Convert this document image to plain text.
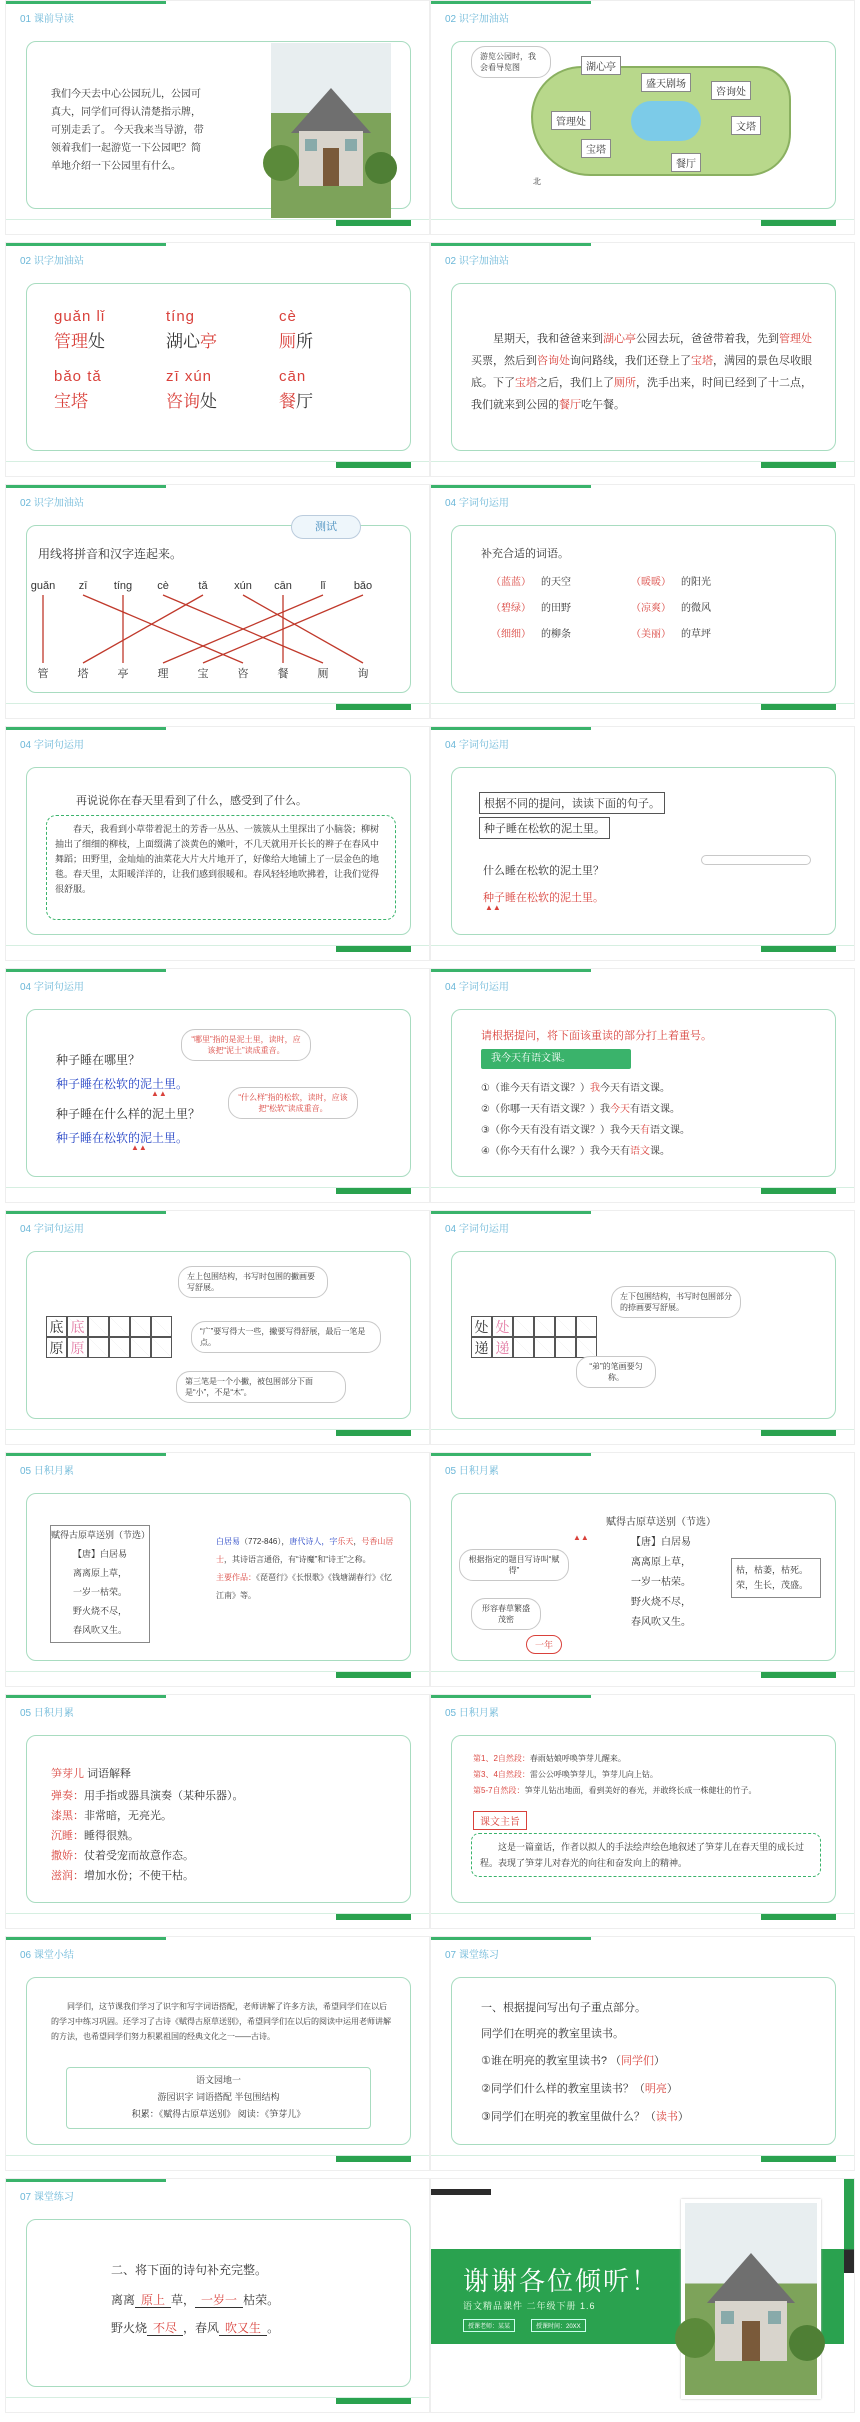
01 课前导读
我们今天去中心公园玩儿，公园可真大，同学们可得认清楚指示牌，可别走丢了。 今天我来当导游，带领着我们一起游览一下公园吧？简单地介绍一下公园里有什么。
02 识字加油站
游览公园时，我会看导览图	湖心亭
盛天剧场
管理处
宝塔
餐厅
咨询处
文塔
北
02 识字加油站
guǎn lǐ
管理处
tíng
湖心亭
cè
厕所
bǎo tǎ
宝塔
zī xún
咨询处
cān
餐厅
02 识字加油站
星期天，我和爸爸来到湖心亭公园去玩，爸爸带着我，先到管理处买票，然后到咨询处询问路线，我们还登上了宝塔，满园的景色尽收眼底。下了宝塔之后，我们上了厕所，洗手出来，时间已经到了十二点，我们就来到公园的餐厅吃午餐。
02 识字加油站
测试
用线将拼音和汉字连起来。
guǎn	zī	tíng	cè	tǎ	xún	cān	lǐ	bǎo
管	塔	亭	理	宝	咨	餐	厕	询
04 字词句运用
补充合适的词语。
（蓝蓝） 的天空	（暖暖） 的阳光
（碧绿） 的田野	（凉爽） 的微风
（细细） 的柳条	（美丽） 的草坪
04 字词句运用
再说说你在春天里看到了什么，感受到了什么。
春天，我看到小草带着泥土的芳香一丛丛、一簇簇从土里探出了小脑袋；柳树抽出了细细的柳枝，上面缀满了淡黄色的嫩叶，不几天就用开长长的辫子在春风中舞蹈；田野里，金灿灿的油菜花大片大片地开了，好像给大地铺上了一层金色的地毯。春天里，太阳暖洋洋的，让我们感到很暖和。春风轻轻地吹拂着，让我们觉得很舒服。
04 字词句运用
根据不同的提问，读读下面的句子。
种子睡在松软的泥土里。
什么睡在松软的泥土里？
种子睡在松软的泥土里。
▲▲
04 字词句运用
种子睡在哪里？
种子睡在松软的泥土里。
▲▲
种子睡在什么样的泥土里？
种子睡在松软的泥土里。
▲▲
“哪里”指的是泥土里，读时，应该把“泥土”读成重音。
“什么样”指的松软，读时，应该把“松软”读成重音。
04 字词句运用
请根据提问，将下面该重读的部分打上着重号。
我今天有语文课。
①（谁今天有语文课？）我今天有语文课。
②（你哪一天有语文课？）我今天有语文课。
③（你今天有没有语文课？）我今天有语文课。
④（你今天有什么课？）我今天有语文课。
04 字词句运用
底 底
原 原
左上包围结构，书写时包围的撇画要写舒展。
“广”要写得大一些，撇要写得舒展，最后一笔是点。
第三笔是一个小撇，被包围部分下面是“小”，不是“木”。
04 字词句运用
处 处
递 递
左下包围结构，书写时包围部分的捺画要写舒展。
“弟”的笔画要匀称。
05 日积月累
赋得古原草送别（节选）
【唐】白居易
离离原上草，
一岁一枯荣。
野火烧不尽，
春风吹又生。
白居易（772-846），唐代诗人，字乐天，号香山居士，其诗语言通俗，有“诗魔”和“诗王”之称。
主要作品：《琵琶行》《长恨歌》《钱塘湖春行》《忆江南》等。
05 日积月累
赋得古原草送别（节选）
【唐】白居易
离离原上草，
一岁一枯荣。
野火烧不尽，
春风吹又生。
▲▲
根据指定的题目写诗叫“赋得”
形容春草繁盛茂密
一年
枯，枯萎，枯死。荣，生长，茂盛。
05 日积月累
笋芽儿 词语解释
弹奏：用手指或器具演奏（某种乐器）。
漆黑：非常暗，无亮光。
沉睡：睡得很熟。
撒娇：仗着受宠而故意作态。
滋润：增加水份；不使干枯。
05 日积月累
第1、2自然段：春雨姑娘呼唤笋芽儿醒来。
第3、4自然段：雷公公呼唤笋芽儿，笋芽儿向上钻。
第5-7自然段：笋芽儿钻出地面，看到美好的春光，并敢终长成一株健壮的竹子。
课文主旨
这是一篇童话，作者以拟人的手法绘声绘色地叙述了笋芽儿在春天里的成长过程。表现了笋芽儿对春光的向往和奋发向上的精神。
06 课堂小结
同学们，这节课我们学习了识字和写字词语搭配，老师讲解了许多方法，希望同学们在以后的学习中练习巩固。还学习了古诗《赋得古原草送别》，希望同学们在以后的阅读中运用老师讲解的方法，也希望同学们努力积累祖国的经典文化之一——古诗。
语文园地一
游园识字 词语搭配 半包围结构
积累：《赋得古原草送别》 阅读：《笋芽儿》
07 课堂练习
一、根据提问写出句子重点部分。
同学们在明亮的教室里读书。
①谁在明亮的教室里读书? （同学们）
②同学们什么样的教室里读书？（明亮）
③同学们在明亮的教室里做什么？（读书）
07 课堂练习
二、将下面的诗句补充完整。
离离 原上 草， 一岁一 枯荣。
野火烧 不尽 ，春风 吹又生 。
谢谢各位倾听！
语文精品课件 二年级下册 1.6
授课老师：某某	授课时间：20XX
